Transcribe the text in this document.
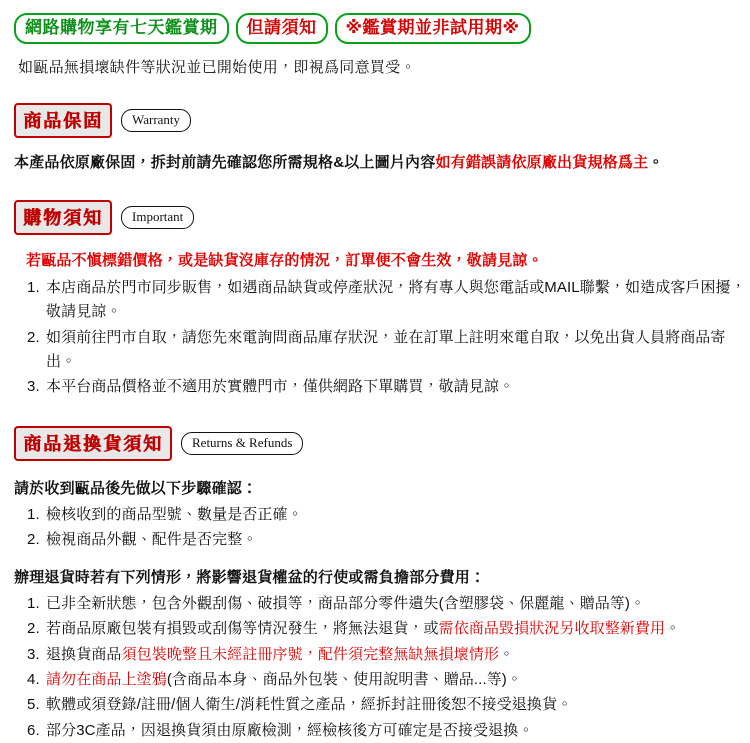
網路購物享有七天鑑賞期	但請須知	※鑑賞期並非試用期※
如甌品無損壞缺件等狀況並已開始使用，即視爲同意買受。
商品保固	Warranty
本產品依原廠保固，拆封前請先確認您所需規格&以上圖片內容如有錯誤請依原廠出貨規格爲主。
購物須知	Important
若甌品不愼標錯價格，或是缺貨沒庫存的情況，訂單便不會生效，敬請見諒。
1. 本店商品於門市同步販售，如遇商品缺貨或停產狀況，將有專人與您電話或MAIL聯繫，如造成客戶困擾，敬請見諒。
2. 如須前往門市自取，請您先來電詢問商品庫存狀況，並在訂單上註明來電自取，以免出貨人員將商品寄出。
3. 本平台商品價格並不適用於實體門市，僅供網路下單購買，敬請見諒。
商品退換貨須知	Returns & Refunds
請於收到甌品後先做以下步驟確認：
1. 檢核收到的商品型號、數量是否正確。
2. 檢視商品外觀、配件是否完整。
辦理退貨時若有下列情形，將影響退貨權盆的行使或需負擔部分費用：
1. 已非全新狀態，包含外觀刮傷、破損等，商品部分零件遺失(含塑膠袋、保麗龍、贈品等)。
2. 若商品原廠包裝有損毀或刮傷等情況發生，將無法退貨，或需依商品毀損狀況另收取整新費用。
3. 退換貨商品須包裝晚整且未經註冊序號，配件須完整無缺無損壞情形。
4. 請勿在商品上塗鴉(含商品本身、商品外包裝、使用說明書、贈品...等)。
5. 軟體或須登錄/註冊/個人衛生/消耗性質之產品，經拆封註冊後恕不接受退換貨。
6. 部分3C產品，因退換貨須由原廠檢測，經檢核後方可確定是否接受退換。
